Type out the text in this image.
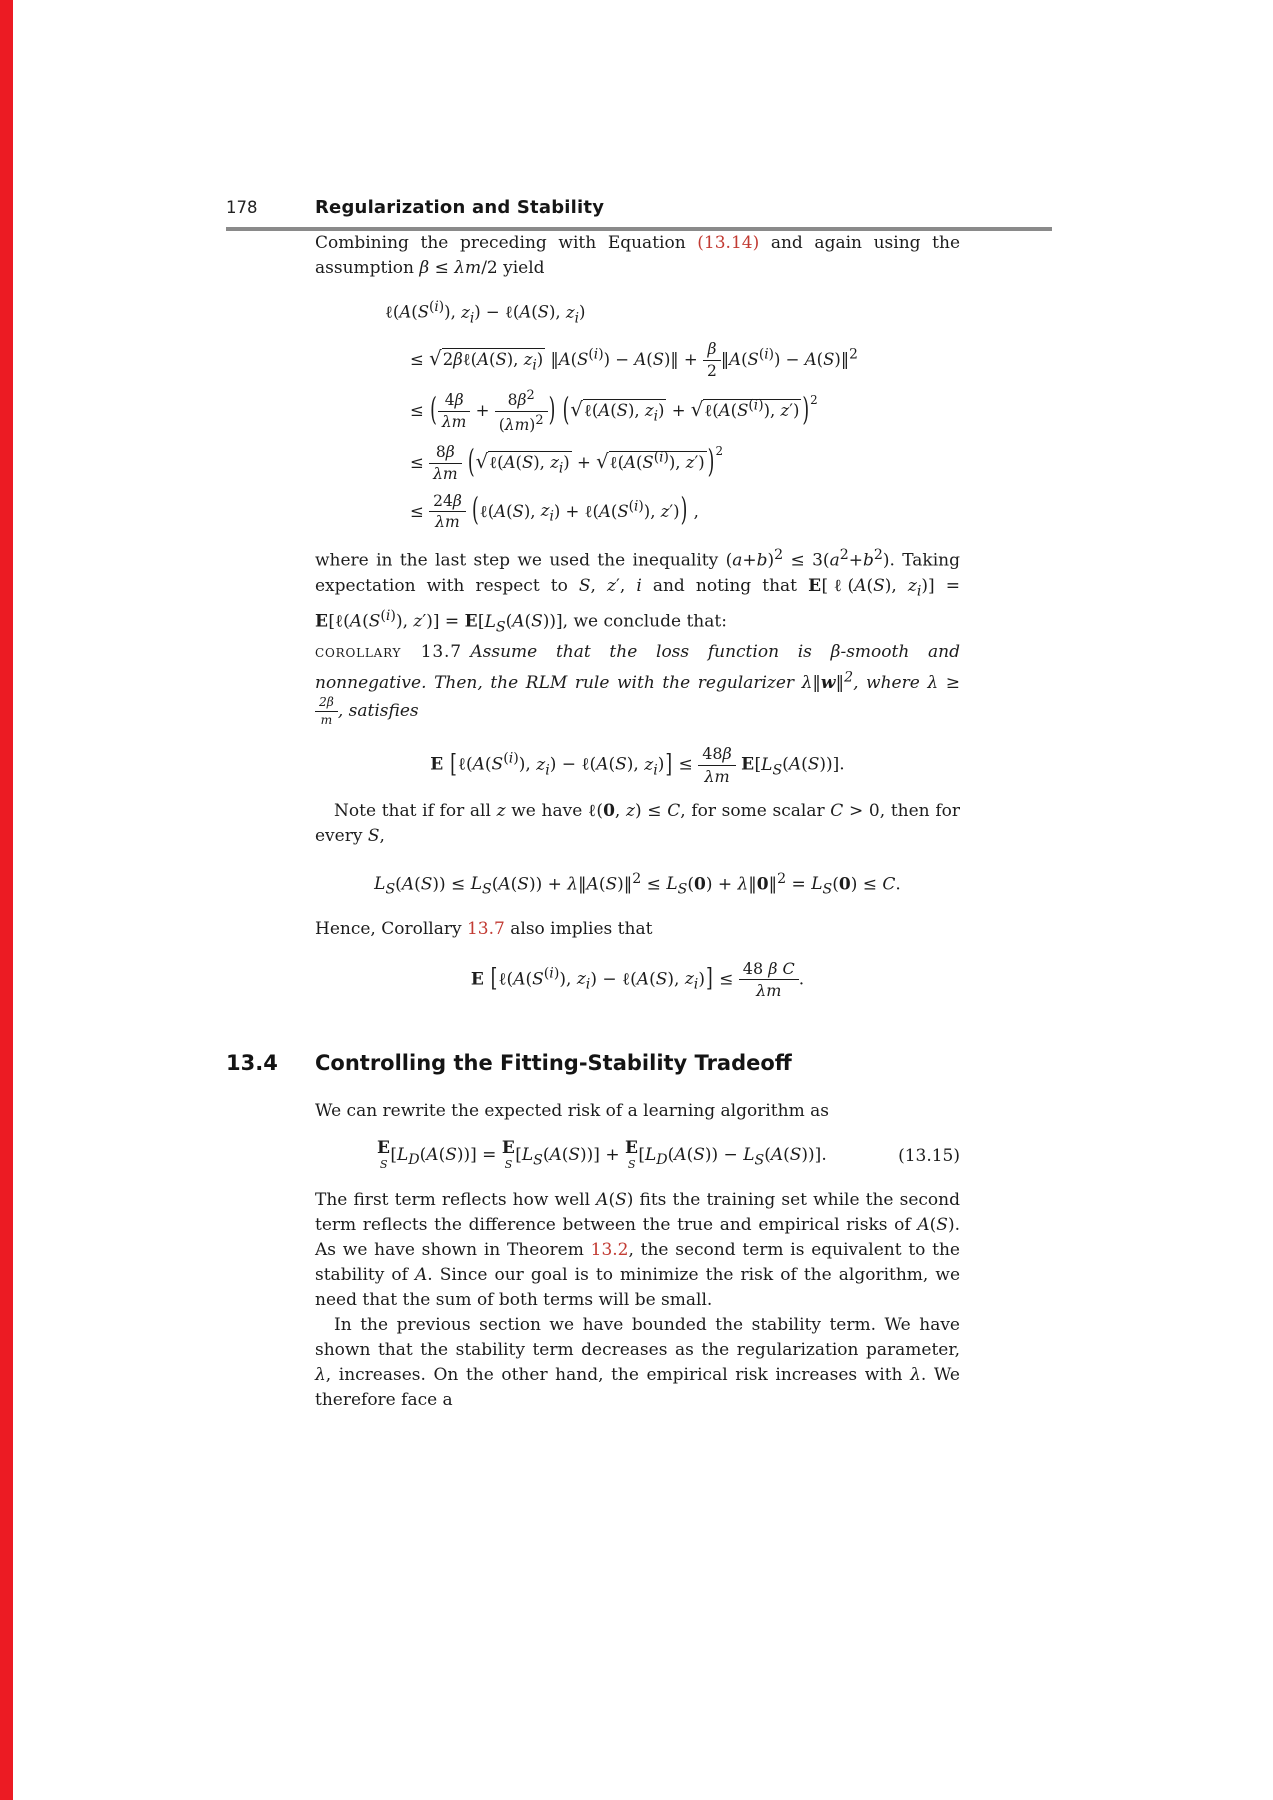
178	Regularization and Stability

Combining the preceding with Equation (13.14) and again using the assumption β ≤ λm/2 yield

$\ell(A(S^{(i)})$, $z_i$) − ℓ(A(S), $z_i$)
≤ √2βℓ(A(S), $z_i$) $‖A(S^{(i)})$ − A(S)‖ + $\frac{\beta}{2}$ $‖A(S^{(i)})$ − A(S)‖$^2$
≤ ( $\frac{4\beta}{\lambda m} + \frac{8\beta^2}{(\lambda m)^2}$ ) (√ℓ(A(S), $z_i$) + $√\ell(A(S^{(i)})$, z′) )$^2$
≤ $\frac{8\beta}{\lambda m}$ (√ℓ(A(S), $z_i$) + $√\ell(A(S^{(i)})$, z′) )$^2$
≤ $\frac{24\beta}{\lambda m}$ (ℓ(A(S), $z_i$) + $\ell(A(S^{(i)})$, z′)) ,

where in the last step we used the inequality $(a+b)^2 \le 3(a^2+b^2)$. Taking expectation with respect to S, z′, i and noting that E[ℓ(A(S), $z_i$)] = $E[\ell(A(S^{(i)})$, $z')] = E[L_S(A(S))]$, we conclude that:

corollary 13.7  Assume that the loss function is β-smooth and nonnegative. Then, the RLM rule with the regularizer λ‖w‖$^2$, where λ ≥
$\frac{2\beta}{m}$ , satisfies

E [$\ell(A(S^{(i)})$, $z_i$) − ℓ(A(S), $z_i)] \le \frac{48\beta}{\lambda m} E[L_S(A(S))]$.

Note that if for all z we have ℓ(0, z) ≤ C, for some scalar C > 0, then for every S,

$L_S(A(S)) \le L_S(A(S))$ + λ‖A(S)‖$^2$ ≤ $L_S(0)$ + λ‖0‖$^2$ = $L_S(0) \le C$.

Hence, Corollary 13.7 also implies that

E [$\ell(A(S^{(i)})$, $z_i$) − ℓ(A(S), $z_i)] \le \frac{\text{48 β C}}{\lambda m}$ .
13.4	Controlling the Fitting-Stability Tradeoff

We can rewrite the expected risk of a learning algorithm as

E
S $[L_D(A(S))] = E$
S $[L_S(A(S))] + E$
S $[L_D(A(S)) - L_S(A(S))]$.	(13.15)

The first term reflects how well A(S) fits the training set while the second term reflects the difference between the true and empirical risks of A(S). As we have shown in Theorem 13.2, the second term is equivalent to the stability of A. Since our goal is to minimize the risk of the algorithm, we need that the sum of both terms will be small.

In the previous section we have bounded the stability term. We have shown that the stability term decreases as the regularization parameter, λ, increases. On the other hand, the empirical risk increases with λ. We therefore face a
